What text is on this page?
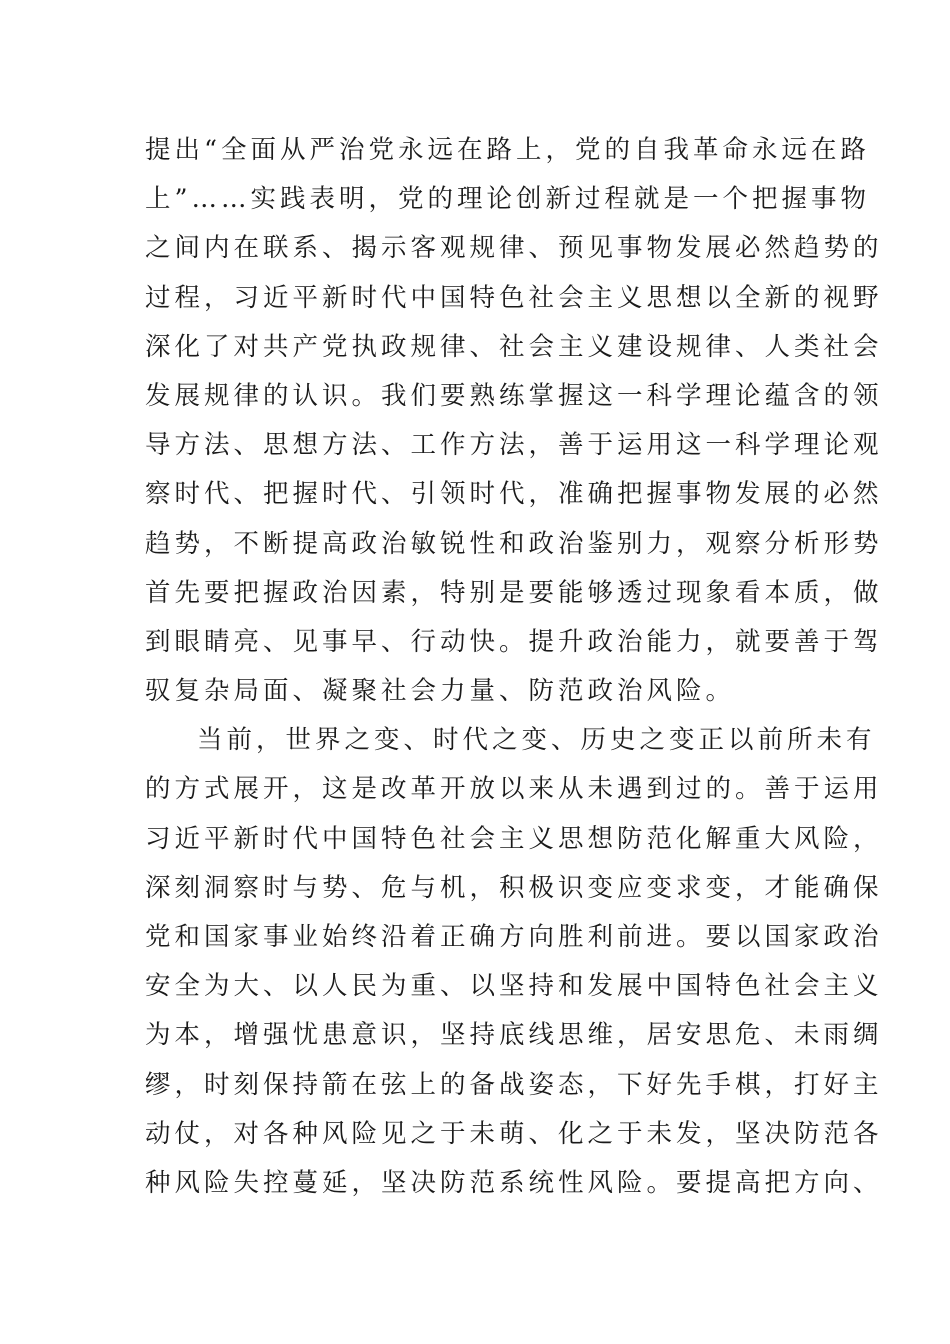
提出“全面从严治党永远在路上，党的自我革命永远在路
上”……实践表明，党的理论创新过程就是一个把握事物
之间内在联系、揭示客观规律、预见事物发展必然趋势的
过程，习近平新时代中国特色社会主义思想以全新的视野
深化了对共产党执政规律、社会主义建设规律、人类社会
发展规律的认识。我们要熟练掌握这一科学理论蕴含的领
导方法、思想方法、工作方法，善于运用这一科学理论观
察时代、把握时代、引领时代，准确把握事物发展的必然
趋势，不断提高政治敏锐性和政治鉴别力，观察分析形势
首先要把握政治因素，特别是要能够透过现象看本质，做
到眼睛亮、见事早、行动快。提升政治能力，就要善于驾
驭复杂局面、凝聚社会力量、防范政治风险。
当前，世界之变、时代之变、历史之变正以前所未有
的方式展开，这是改革开放以来从未遇到过的。善于运用
习近平新时代中国特色社会主义思想防范化解重大风险，
深刻洞察时与势、危与机，积极识变应变求变，才能确保
党和国家事业始终沿着正确方向胜利前进。要以国家政治
安全为大、以人民为重、以坚持和发展中国特色社会主义
为本，增强忧患意识，坚持底线思维，居安思危、未雨绸
缪，时刻保持箭在弦上的备战姿态，下好先手棋，打好主
动仗，对各种风险见之于未萌、化之于未发，坚决防范各
种风险失控蔓延，坚决防范系统性风险。要提高把方向、
